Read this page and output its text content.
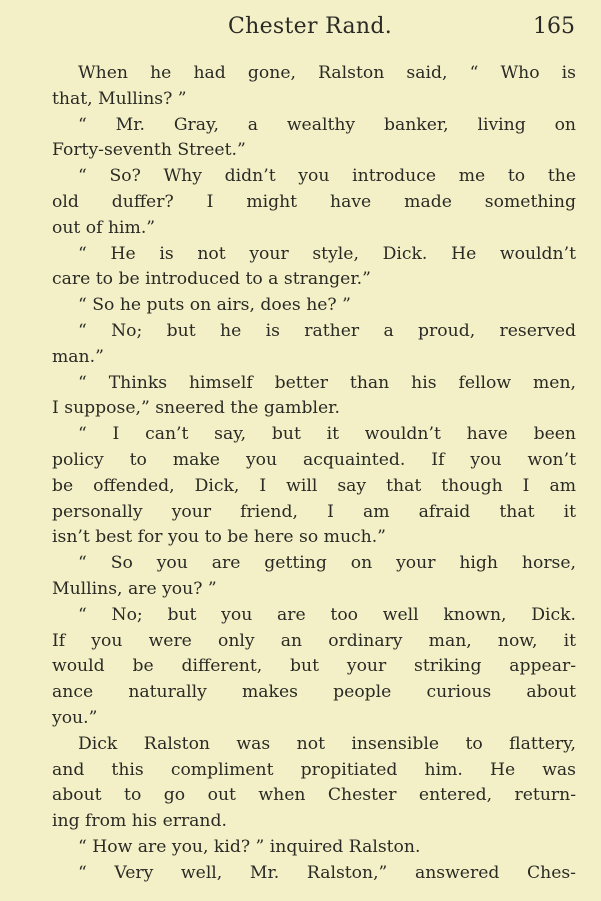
Chester Rand.	165
When he had gone, Ralston said, “ Who is
that, Mullins? ”
“ Mr. Gray, a wealthy banker, living on
Forty-seventh Street.”
“ So? Why didn’t you introduce me to the
old duffer? I might have made something
out of him.”
“ He is not your style, Dick. He wouldn’t
care to be introduced to a stranger.”
“ So he puts on airs, does he? ”
“ No; but he is rather a proud, reserved
man.”
“ Thinks himself better than his fellow men,
I suppose,” sneered the gambler.
“ I can’t say, but it wouldn’t have been
policy to make you acquainted. If you won’t
be offended, Dick, I will say that though I am
personally your friend, I am afraid that it
isn’t best for you to be here so much.”
“ So you are getting on your high horse,
Mullins, are you? ”
“ No; but you are too well known, Dick.
If you were only an ordinary man, now, it
would be different, but your striking appear-
ance naturally makes people curious about
you.”
Dick Ralston was not insensible to flattery,
and this compliment propitiated him. He was
about to go out when Chester entered, return-
ing from his errand.
“ How are you, kid? ” inquired Ralston.
“ Very well, Mr. Ralston,” answered Ches-
